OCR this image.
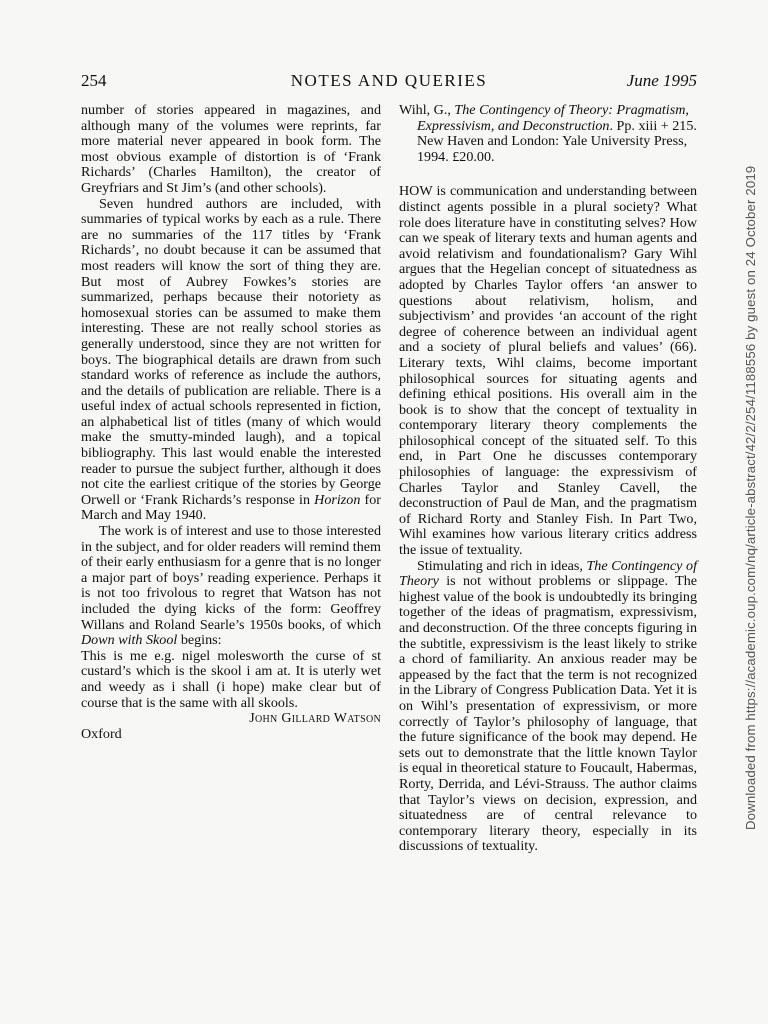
254	NOTES AND QUERIES	June 1995

number of stories appeared in magazines, and although many of the volumes were reprints, far more material never appeared in book form. The most obvious example of distortion is of ‘Frank Richards’ (Charles Hamilton), the creator of Greyfriars and St Jim’s (and other schools).

Seven hundred authors are included, with summaries of typical works by each as a rule. There are no summaries of the 117 titles by ‘Frank Richards’, no doubt because it can be assumed that most readers will know the sort of thing they are. But most of Aubrey Fowkes’s stories are summarized, perhaps because their notoriety as homosexual stories can be assumed to make them interesting. These are not really school stories as generally understood, since they are not written for boys. The biographical details are drawn from such standard works of reference as include the authors, and the details of publication are reliable. There is a useful index of actual schools represented in fiction, an alphabetical list of titles (many of which would make the smutty-minded laugh), and a topical bibliography. This last would enable the interested reader to pursue the subject further, although it does not cite the earliest critique of the stories by George Orwell or ‘Frank Richards’s response in Horizon for March and May 1940.

The work is of interest and use to those interested in the subject, and for older readers will remind them of their early enthusiasm for a genre that is no longer a major part of boys’ reading experience. Perhaps it is not too frivolous to regret that Watson has not included the dying kicks of the form: Geoffrey Willans and Roland Searle’s 1950s books, of which Down with Skool begins:

This is me e.g. nigel molesworth the curse of st custard’s which is the skool i am at. It is uterly wet and weedy as i shall (i hope) make clear but of course that is the same with all skools.

John Gillard Watson

Oxford

Wihl, G., The Contingency of Theory: Pragmatism, Expressivism, and Deconstruction. Pp. xiii + 215. New Haven and London: Yale University Press, 1994. £20.00.

HOW is communication and understanding between distinct agents possible in a plural society? What role does literature have in constituting selves? How can we speak of literary texts and human agents and avoid relativism and foundationalism? Gary Wihl argues that the Hegelian concept of situatedness as adopted by Charles Taylor offers ‘an answer to questions about relativism, holism, and subjectivism’ and provides ‘an account of the right degree of coherence between an individual agent and a society of plural beliefs and values’ (66). Literary texts, Wihl claims, become important philosophical sources for situating agents and defining ethical positions. His overall aim in the book is to show that the concept of textuality in contemporary literary theory complements the philosophical concept of the situated self. To this end, in Part One he discusses contemporary philosophies of language: the expressivism of Charles Taylor and Stanley Cavell, the deconstruction of Paul de Man, and the pragmatism of Richard Rorty and Stanley Fish. In Part Two, Wihl examines how various literary critics address the issue of textuality.

Stimulating and rich in ideas, The Contingency of Theory is not without problems or slippage. The highest value of the book is undoubtedly its bringing together of the ideas of pragmatism, expressivism, and deconstruction. Of the three concepts figuring in the subtitle, expressivism is the least likely to strike a chord of familiarity. An anxious reader may be appeased by the fact that the term is not recognized in the Library of Congress Publication Data. Yet it is on Wihl’s presentation of expressivism, or more correctly of Taylor’s philosophy of language, that the future significance of the book may depend. He sets out to demonstrate that the little known Taylor is equal in theoretical stature to Foucault, Habermas, Rorty, Derrida, and Lévi-Strauss. The author claims that Taylor’s views on decision, expression, and situatedness are of central relevance to contemporary literary theory, especially in its discussions of textuality.

Downloaded from https://academic.oup.com/nq/article-abstract/42/2/254/1188556 by guest on 24 October 2019
